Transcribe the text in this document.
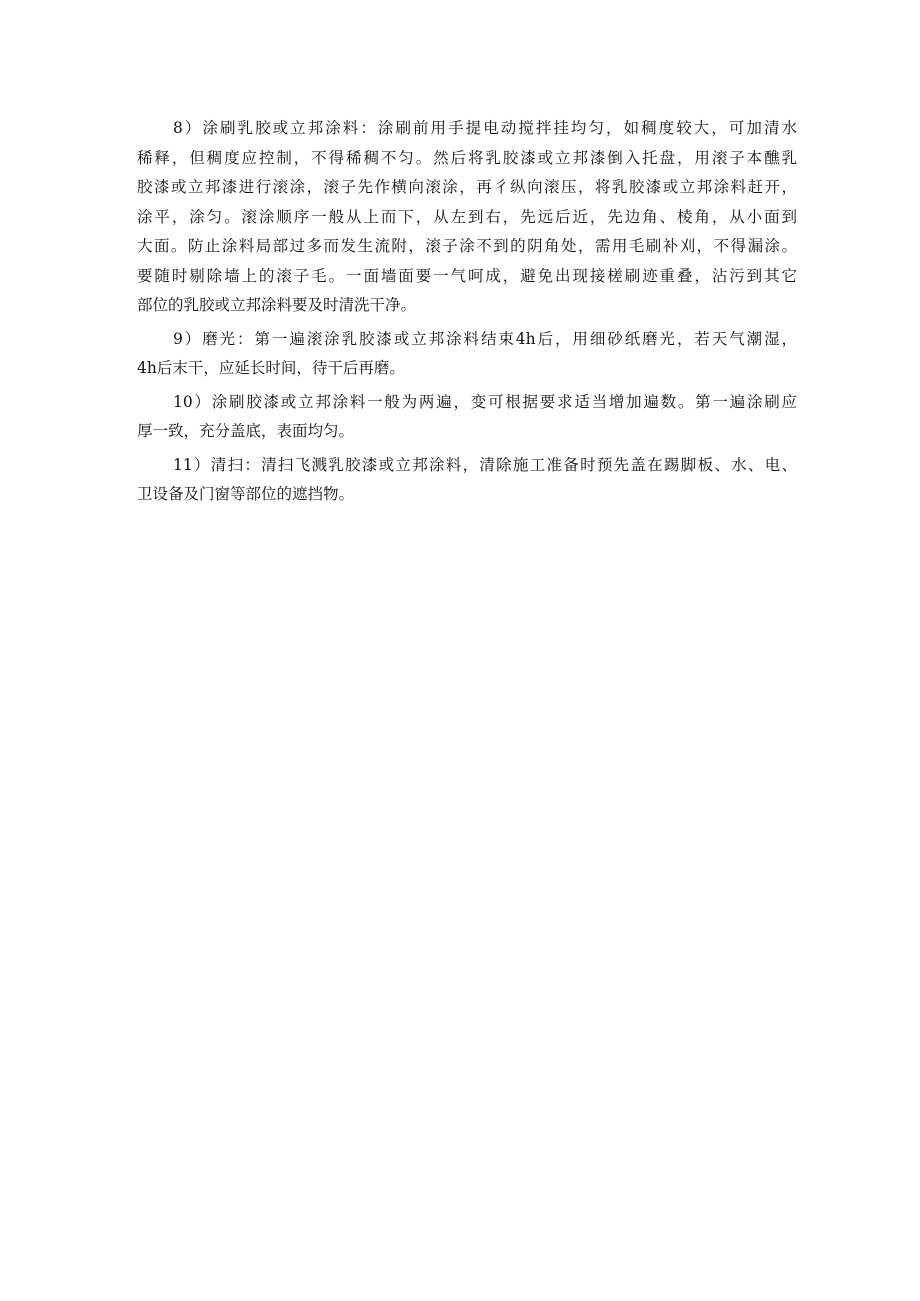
8）涂刷乳胶或立邦涂料：涂刷前用手提电动搅拌挂均匀，如稠度较大，可加清水
稀释，但稠度应控制，不得稀稠不匀。然后将乳胶漆或立邦漆倒入托盘，用滚子本醮乳
胶漆或立邦漆进行滚涂，滚子先作横向滚涂，再彳纵向滚压，将乳胶漆或立邦涂料赶开，
涂平，涂匀。滚涂顺序一般从上而下，从左到右，先远后近，先边角、棱角，从小面到
大面。防止涂料局部过多而发生流附，滚子涂不到的阴角处，需用毛刷补刈，不得漏涂。
要随时剔除墙上的滚子毛。一面墙面要一气呵成，避免出现接槎刷迹重叠，沾污到其它
部位的乳胶或立邦涂料要及时清洗干净。
9）磨光：第一遍滚涂乳胶漆或立邦涂料结束4h后，用细砂纸磨光，若天气潮湿，
4h后末干，应延长时间，待干后再磨。
10）涂刷胶漆或立邦涂料一般为两遍，变可根据要求适当增加遍数。第一遍涂刷应
厚一致，充分盖底，表面均匀。
11）清扫：清扫飞溅乳胶漆或立邦涂料，清除施工准备时预先盖在踢脚板、水、电、
卫设备及门窗等部位的遮挡物。
